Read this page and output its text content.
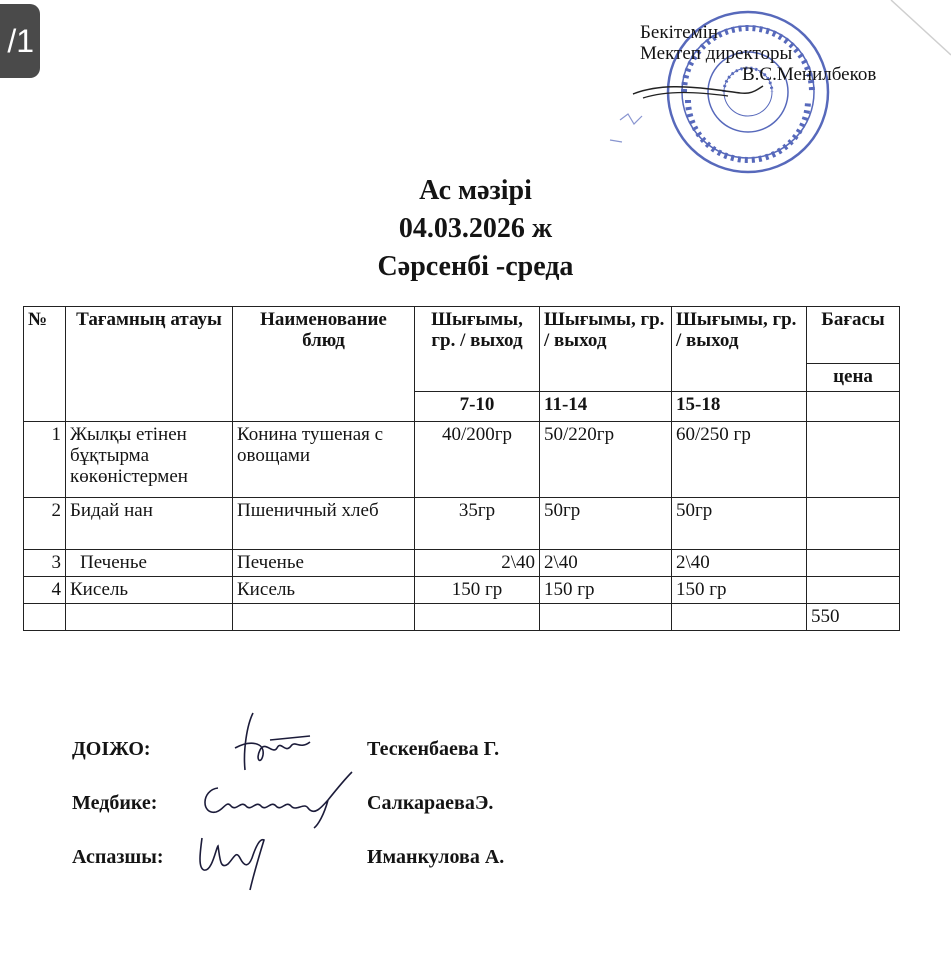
/1	Бекітемін
Мектеп директоры
В.С.Менилбеков
Ас мәзірі
04.03.2026 ж
Сәрсенбі -среда
№	Тағамның атауы	Наименование блюд	Шығымы, гр. / выход	Шығымы, гр. / выход	Шығымы, гр. / выход	Бағасы
						цена
			7-10	11-14	15-18	
1	Жылқы етінен бұқтырма көкөністермен	Конина тушеная с овощами	40/200гр	50/220гр	60/250 гр	
2	Бидай нан	Пшеничный хлеб	35гр	50гр	50гр	
3	Печенье	Печенье	2\40	2\40	2\40	
4	Кисель	Кисель	150 гр	150 гр	150 гр	
						550
ДОІЖО:	Тескенбаева Г.
Медбике:	СалкараеваЭ.
Аспазшы:	Иманкулова А.
